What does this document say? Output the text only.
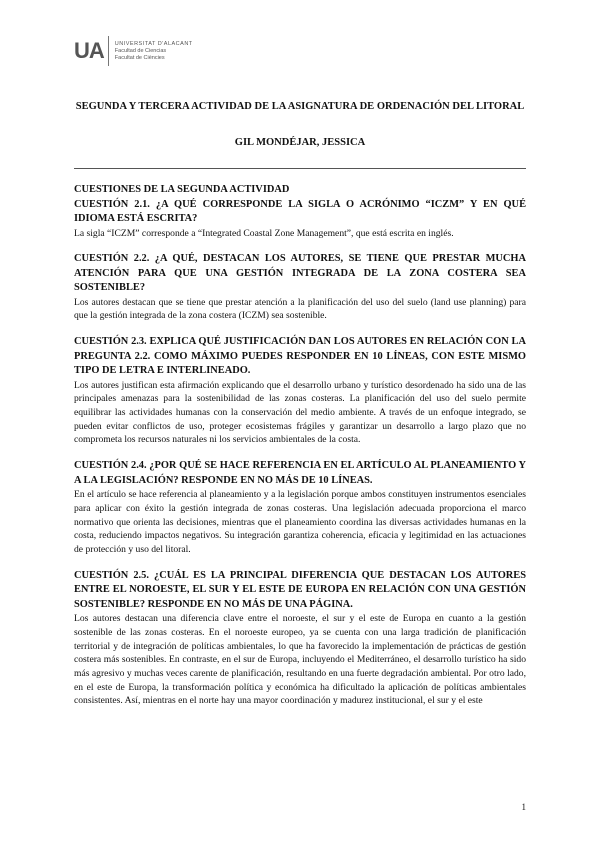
UA UNIVERSITAT D'ALACANT
Facultad de Ciencias
Facultat de Ciències
SEGUNDA Y TERCERA ACTIVIDAD DE LA ASIGNATURA DE ORDENACIÓN DEL LITORAL
GIL MONDÉJAR, JESSICA

CUESTIONES DE LA SEGUNDA ACTIVIDAD

CUESTIÓN 2.1. ¿A QUÉ CORRESPONDE LA SIGLA O ACRÓNIMO “ICZM” Y EN QUÉ IDIOMA ESTÁ ESCRITA?

La sigla “ICZM” corresponde a “Integrated Coastal Zone Management”, que está escrita en inglés.

CUESTIÓN 2.2. ¿A QUÉ, DESTACAN LOS AUTORES, SE TIENE QUE PRESTAR MUCHA ATENCIÓN PARA QUE UNA GESTIÓN INTEGRADA DE LA ZONA COSTERA SEA SOSTENIBLE?

Los autores destacan que se tiene que prestar atención a la planificación del uso del suelo (land use planning) para que la gestión integrada de la zona costera (ICZM) sea sostenible.

CUESTIÓN 2.3. EXPLICA QUÉ JUSTIFICACIÓN DAN LOS AUTORES EN RELACIÓN CON LA PREGUNTA 2.2. COMO MÁXIMO PUEDES RESPONDER EN 10 LÍNEAS, CON ESTE MISMO TIPO DE LETRA E INTERLINEADO.

Los autores justifican esta afirmación explicando que el desarrollo urbano y turístico desordenado ha sido una de las principales amenazas para la sostenibilidad de las zonas costeras. La planificación del uso del suelo permite equilibrar las actividades humanas con la conservación del medio ambiente. A través de un enfoque integrado, se pueden evitar conflictos de uso, proteger ecosistemas frágiles y garantizar un desarrollo a largo plazo que no comprometa los recursos naturales ni los servicios ambientales de la costa.

CUESTIÓN 2.4. ¿POR QUÉ SE HACE REFERENCIA EN EL ARTÍCULO AL PLANEAMIENTO Y A LA LEGISLACIÓN? RESPONDE EN NO MÁS DE 10 LÍNEAS.

En el artículo se hace referencia al planeamiento y a la legislación porque ambos constituyen instrumentos esenciales para aplicar con éxito la gestión integrada de zonas costeras. Una legislación adecuada proporciona el marco normativo que orienta las decisiones, mientras que el planeamiento coordina las diversas actividades humanas en la costa, reduciendo impactos negativos. Su integración garantiza coherencia, eficacia y legitimidad en las actuaciones de protección y uso del litoral.

CUESTIÓN 2.5. ¿CUÁL ES LA PRINCIPAL DIFERENCIA QUE DESTACAN LOS AUTORES ENTRE EL NOROESTE, EL SUR Y EL ESTE DE EUROPA EN RELACIÓN CON UNA GESTIÓN SOSTENIBLE? RESPONDE EN NO MÁS DE UNA PÁGINA.

Los autores destacan una diferencia clave entre el noroeste, el sur y el este de Europa en cuanto a la gestión sostenible de las zonas costeras. En el noroeste europeo, ya se cuenta con una larga tradición de planificación territorial y de integración de políticas ambientales, lo que ha favorecido la implementación de prácticas de gestión costera más sostenibles. En contraste, en el sur de Europa, incluyendo el Mediterráneo, el desarrollo turístico ha sido más agresivo y muchas veces carente de planificación, resultando en una fuerte degradación ambiental. Por otro lado, en el este de Europa, la transformación política y económica ha dificultado la aplicación de políticas ambientales consistentes. Así, mientras en el norte hay una mayor coordinación y madurez institucional, el sur y el este

1
